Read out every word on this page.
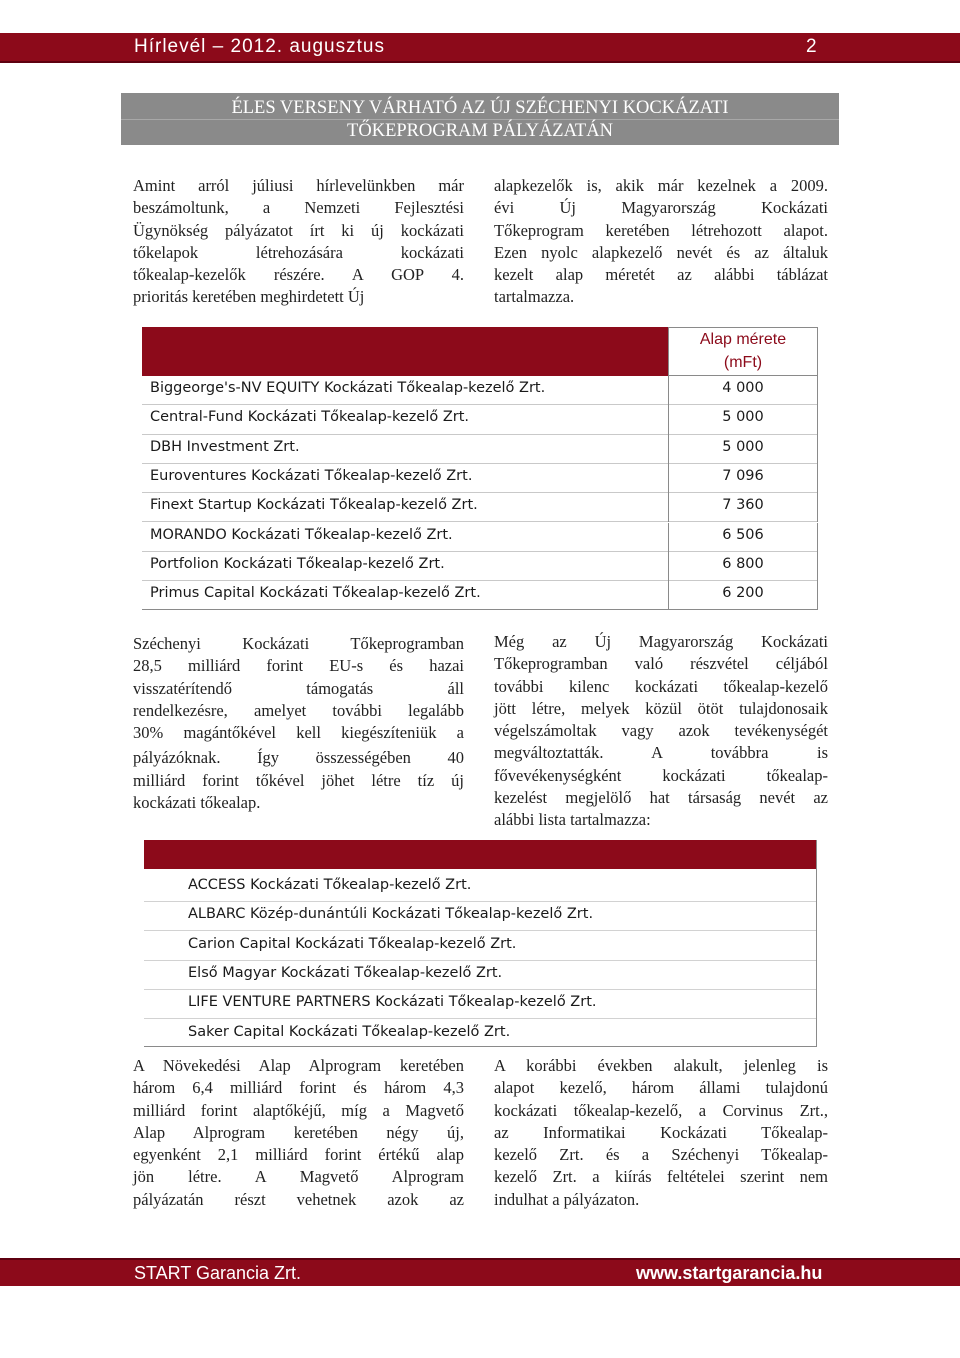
Hírlevél – 2012. augusztus	2
ÉLES VERSENY VÁRHATÓ AZ ÚJ SZÉCHENYI KOCKÁZATI
TŐKEPROGRAM PÁLYÁZATÁN
Amint arról júliusi hírlevelünkben már
beszámoltunk, a Nemzeti Fejlesztési
Ügynökség pályázatot írt ki új kockázati
tőkelapok létrehozására kockázati
tőkealap-kezelők részére. A GOP 4.
prioritás keretében meghirdetett Új
alapkezelők is, akik már kezelnek a 2009.
évi Új Magyarország Kockázati
Tőkeprogram keretében létrehozott alapot.
Ezen nyolc alapkezelő nevét és az általuk
kezelt alap méretét az alábbi táblázat
tartalmazza.
Alap mérete
(mFt)
Biggeorge's-NV EQUITY Kockázati Tőkealap-kezelő Zrt.	4 000
Central-Fund Kockázati Tőkealap-kezelő Zrt.	5 000
DBH Investment Zrt.	5 000
Euroventures Kockázati Tőkealap-kezelő Zrt.	7 096
Finext Startup Kockázati Tőkealap-kezelő Zrt.	7 360
MORANDO Kockázati Tőkealap-kezelő Zrt.	6 506
Portfolion Kockázati Tőkealap-kezelő Zrt.	6 800
Primus Capital Kockázati Tőkealap-kezelő Zrt.	6 200
Széchenyi Kockázati Tőkeprogramban
28,5 milliárd forint EU-s és hazai
visszatérítendő támogatás áll
rendelkezésre, amelyet további legalább
30% magántőkével kell kiegészíteniük a
pályázóknak. Így összességében 40
milliárd forint tőkével jöhet létre tíz új
kockázati tőkealap.
Még az Új Magyarország Kockázati
Tőkeprogramban való részvétel céljából
további kilenc kockázati tőkealap-kezelő
jött létre, melyek közül ötöt tulajdonosaik
végelszámoltak vagy azok tevékenységét
megváltoztatták. A továbbra is
fővevékenységként kockázati tőkealap-
kezelést megjelölő hat társaság nevét az
alábbi lista tartalmazza:
ACCESS Kockázati Tőkealap-kezelő Zrt.
ALBARC Közép-dunántúli Kockázati Tőkealap-kezelő Zrt.
Carion Capital Kockázati Tőkealap-kezelő Zrt.
Első Magyar Kockázati Tőkealap-kezelő Zrt.
LIFE VENTURE PARTNERS Kockázati Tőkealap-kezelő Zrt.
Saker Capital Kockázati Tőkealap-kezelő Zrt.
A Növekedési Alap Alprogram keretében
három 6,4 milliárd forint és három 4,3
milliárd forint alaptőkéjű, míg a Magvető
Alap Alprogram keretében négy új,
egyenként 2,1 milliárd forint értékű alap
jön létre. A Magvető Alprogram
pályázatán részt vehetnek azok az
A korábbi években alakult, jelenleg is
alapot kezelő, három állami tulajdonú
kockázati tőkealap-kezelő, a Corvinus Zrt.,
az Informatikai Kockázati Tőkealap-
kezelő Zrt. és a Széchenyi Tőkealap-
kezelő Zrt. a kiírás feltételei szerint nem
indulhat a pályázaton.
START Garancia Zrt.	www.startgarancia.hu
